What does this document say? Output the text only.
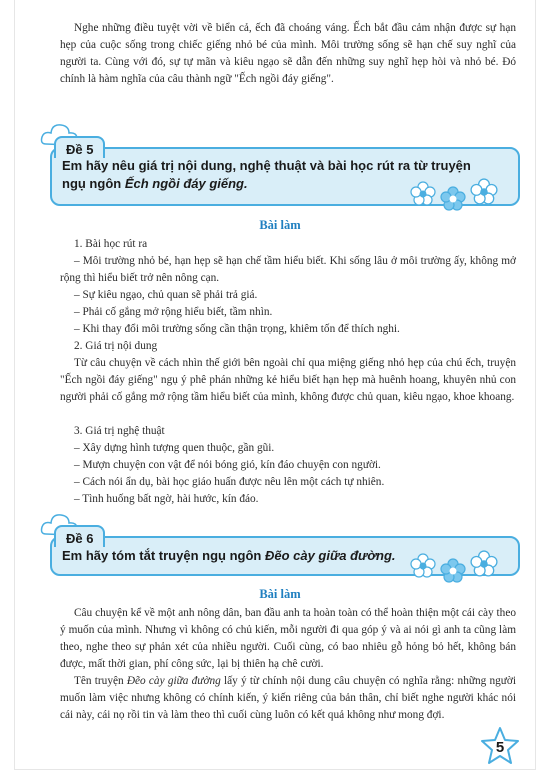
Nghe những điều tuyệt vời về biển cả, ếch đã choáng váng. Ếch bắt đầu cảm nhận được sự hạn hẹp của cuộc sống trong chiếc giếng nhỏ bé của mình. Môi trường sống sẽ hạn chế suy nghĩ của người ta. Cùng với đó, sự tự mãn và kiêu ngạo sẽ dẫn đến những suy nghĩ hẹp hòi và nhỏ bé. Đó chính là hàm nghĩa của câu thành ngữ "Ếch ngồi đáy giếng".

Đề 5
Em hãy nêu giá trị nội dung, nghệ thuật và bài học rút ra từ truyện ngụ ngôn Ếch ngồi đáy giếng.
Bài làm

1. Bài học rút ra

– Môi trường nhỏ bé, hạn hẹp sẽ hạn chế tầm hiểu biết. Khi sống lâu ở môi trường ấy, không mở rộng thì hiểu biết trở nên nông cạn.

– Sự kiêu ngạo, chủ quan sẽ phải trả giá.

– Phải cố gắng mở rộng hiểu biết, tầm nhìn.

– Khi thay đổi môi trường sống cần thận trọng, khiêm tốn để thích nghi.

2. Giá trị nội dung

Từ câu chuyện về cách nhìn thế giới bên ngoài chỉ qua miệng giếng nhỏ hẹp của chú ếch, truyện "Ếch ngồi đáy giếng" ngụ ý phê phán những kẻ hiểu biết hạn hẹp mà huênh hoang, khuyên nhủ con người phải cố gắng mở rộng tầm hiểu biết của mình, không được chủ quan, kiêu ngạo, khoe khoang.

3. Giá trị nghệ thuật

– Xây dựng hình tượng quen thuộc, gần gũi.

– Mượn chuyện con vật để nói bóng gió, kín đáo chuyện con người.

– Cách nói ẩn dụ, bài học giáo huấn được nêu lên một cách tự nhiên.

– Tình huống bất ngờ, hài hước, kín đáo.

Đề 6
Em hãy tóm tắt truyện ngụ ngôn Đẽo cày giữa đường.
Bài làm

Câu chuyện kể về một anh nông dân, ban đầu anh ta hoàn toàn có thể hoàn thiện một cái cày theo ý muốn của mình. Nhưng vì không có chủ kiến, mỗi người đi qua góp ý và ai nói gì anh ta cũng làm theo, nghe theo sự phản xét của nhiều người. Cuối cùng, có bao nhiêu gỗ hỏng bỏ hết, không bán được, mất thời gian, phí công sức, lại bị thiên hạ chê cười.

Tên truyện Đẽo cày giữa đường lấy ý từ chính nội dung câu chuyện có nghĩa rằng: những người muốn làm việc nhưng không có chính kiến, ý kiến riêng của bản thân, chỉ biết nghe người khác nói cái này, cái nọ rồi tin và làm theo thì cuối cùng luôn có kết quả không như mong đợi.

5
